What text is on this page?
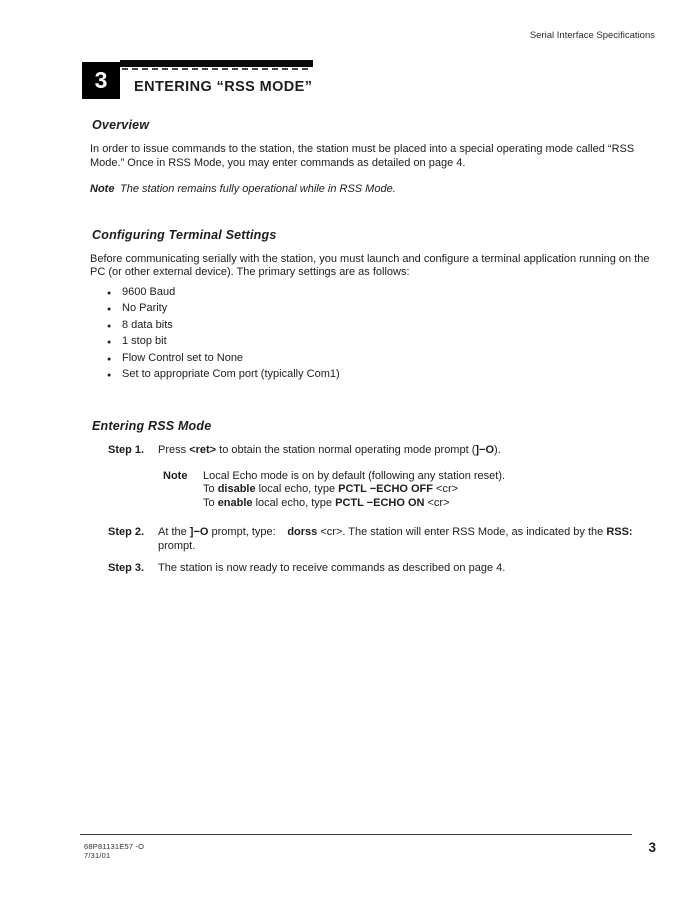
Serial Interface Specifications
3 ENTERING “RSS MODE”
Overview

In order to issue commands to the station, the station must be placed into a special operating mode called “RSS Mode.” Once in RSS Mode, you may enter commands as detailed on page 4.

Note The station remains fully operational while in RSS Mode.
Configuring Terminal Settings

Before communicating serially with the station, you must launch and configure a terminal application running on the PC (or other external device). The primary settings are as follows:

● 9600 Baud
● No Parity
● 8 data bits
● 1 stop bit
● Flow Control set to None
● Set to appropriate Com port (typically Com1)
Entering RSS Mode
Step 1.	Press <ret> to obtain the station normal operating mode prompt (]−O).
Note	Local Echo mode is on by default (following any station reset).
To disable local echo, type PCTL −ECHO OFF <cr>
To enable local echo, type PCTL −ECHO ON <cr>
Step 2.	At the ]−O prompt, type:   dorss <cr>. The station will enter RSS Mode, as indicated by the RSS: prompt.
Step 3.	The station is now ready to receive commands as described on page 4.
68P81131E57 -O
7/31/01
3
